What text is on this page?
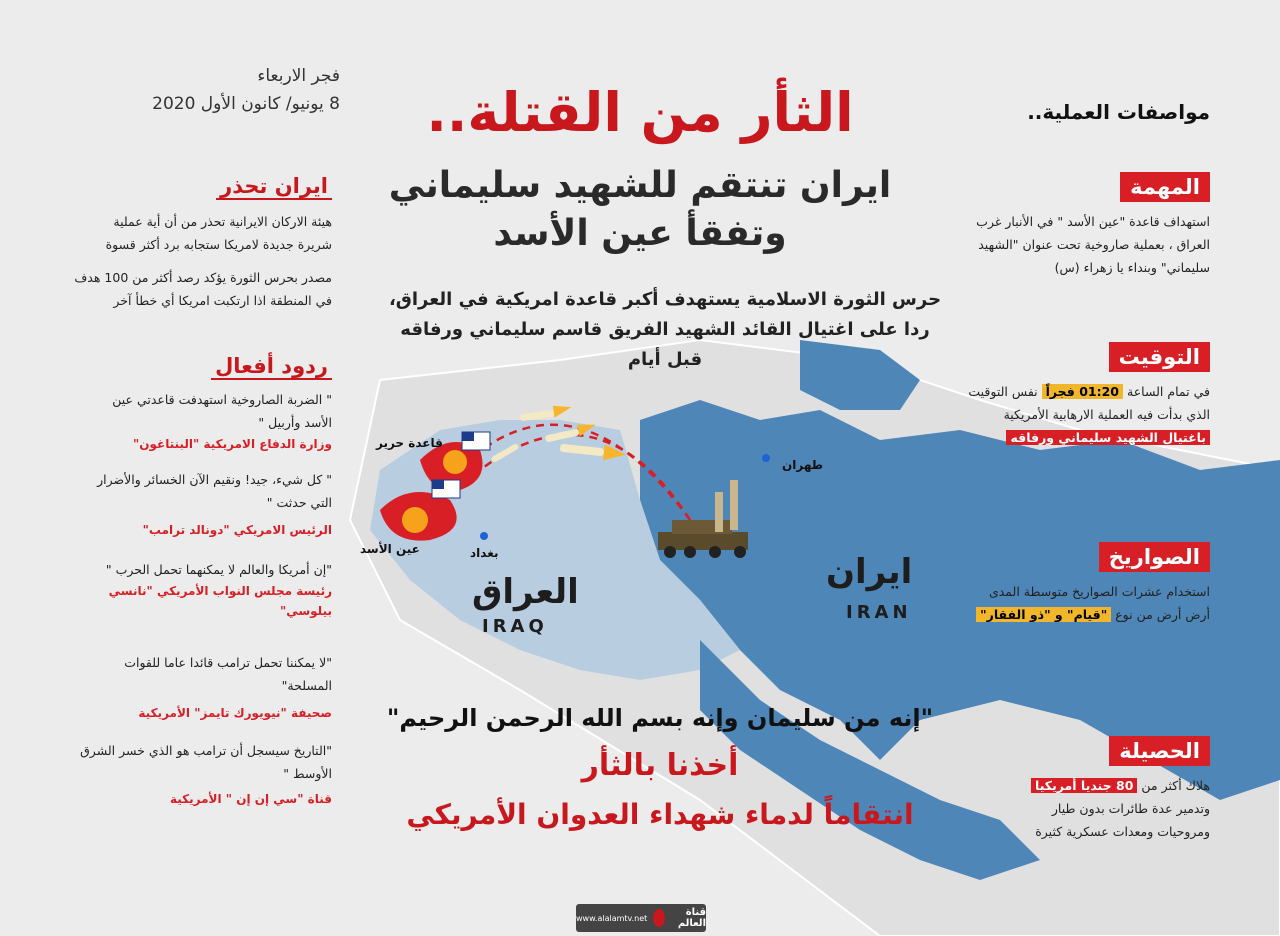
فجر الاربعاء
8 يونيو/ كانون الأول 2020	الثأر من القتلة..
ايران تنتقم للشهيد سليماني
وتفقأ عين الأسد
حرس الثورة الاسلامية يستهدف أكبر قاعدة امريكية في العراق،
ردا على اغتيال القائد الشهيد الفريق قاسم سليماني ورفاقه قبل أيام
مواصفات العملية..
المهمة
استهداف قاعدة "عين الأسد " في الأنبار غرب
العراق ، بعملية صاروخية تحت عنوان "الشهيد
سليماني" وبنداء يا زهراء (س)
التوقيت
في تمام الساعة 01:20 فجراً نفس التوقيت
الذي بدأت فيه العملية الارهابية الأمريكية
باغتيال الشهيد سليماني ورفاقه
الصواريخ
استخدام عشرات الصواريخ متوسطة المدى
أرض أرض من نوع "قيام" و "ذو الفقار"
الحصيلة
هلاك أكثر من 80 جنديا أمريكيا
وتدمير عدة طائرات بدون طيار
ومروحيات ومعدات عسكرية كثيرة
ايران تحذر
هيئة الاركان الايرانية تحذر من أن أية عملية
شريرة جديدة لامريكا ستجابه برد أكثر قسوة
مصدر بحرس الثورة يؤكد رصد أكثر من 100 هدف
في المنطقة اذا ارتكبت امريكا أي خطأ آخر
ردود أفعال
" الضربة الصاروخية استهدفت قاعدتي عين
الأسد وأربيل "
وزارة الدفاع الامريكية "البنتاغون"
" كل شيء، جيد! ونقيم الآن الخسائر والأضرار
التي حدثت "
الرئيس الامريكي "دونالد ترامب"
"إن أمريكا والعالم لا يمكنهما تحمل الحرب "
رئيسة مجلس النواب الأمريكي "نانسي بيلوسي"
"لا يمكننا تحمل ترامب قائدا عاما للقوات
المسلحة"
صحيفة "نيويورك تايمز" الأمريكية
"التاريخ سيسجل أن ترامب هو الذي خسر الشرق
الأوسط "
قناة "سي إن إن " الأمريكية
العراق
IRAQ
ايران
IRAN
طهران
بغداد
قاعدة حرير
عين الأسد
"إنه من سليمان وإنه بسم الله الرحمن الرحيم"
أخذنا بالثأر
انتقاماً لدماء شهداء العدوان الأمريكي
قناة العالم
www.alalamtv.net
